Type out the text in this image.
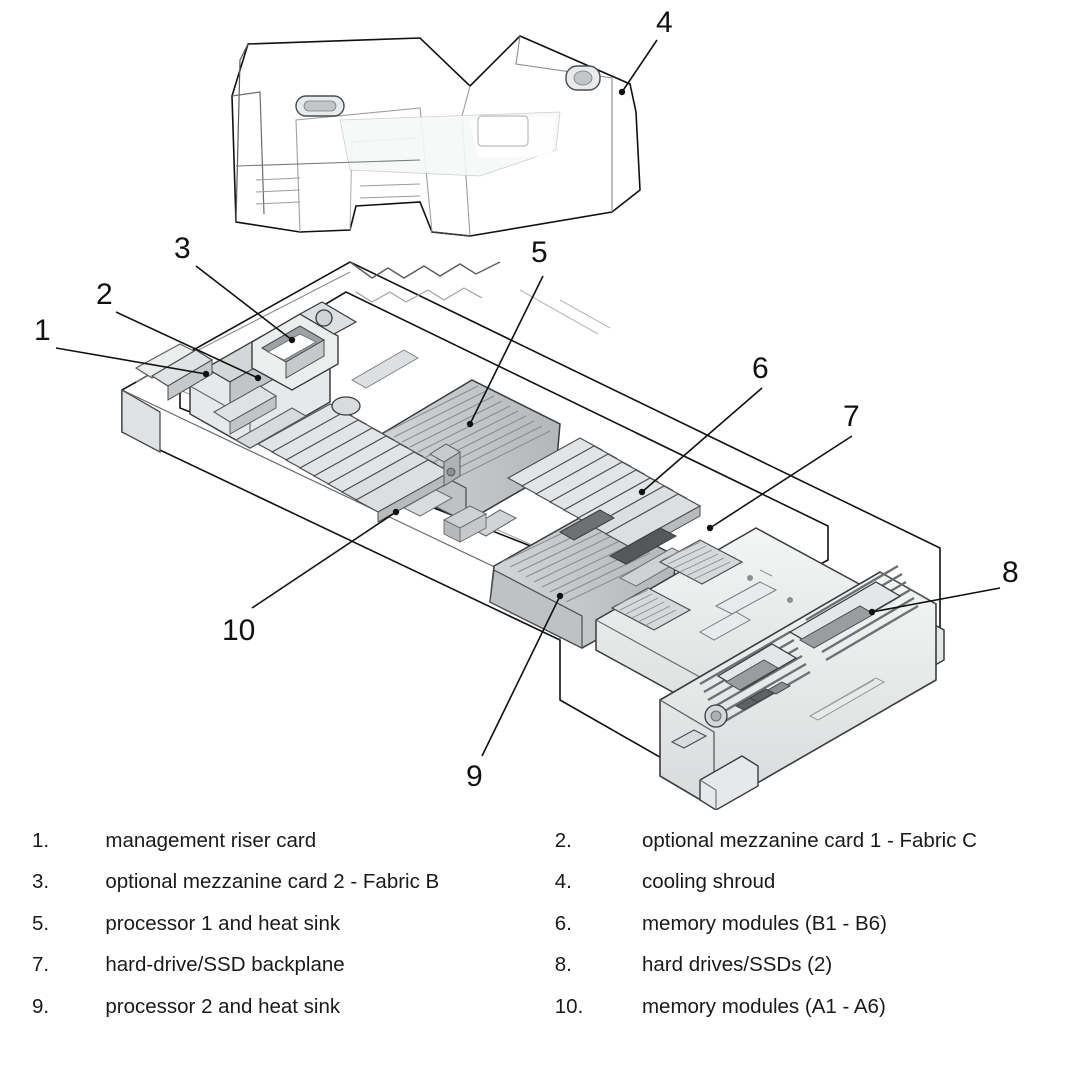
4
5
3
2
1
6
7
8
9
10
1.	management riser card		2.	optional mezzanine card 1 - Fabric C
3.	optional mezzanine card 2 - Fabric B		4.	cooling shroud
5.	processor 1 and heat sink		6.	memory modules (B1 - B6)
7.	hard-drive/SSD backplane		8.	hard drives/SSDs (2)
9.	processor 2 and heat sink		10.	memory modules (A1 - A6)
